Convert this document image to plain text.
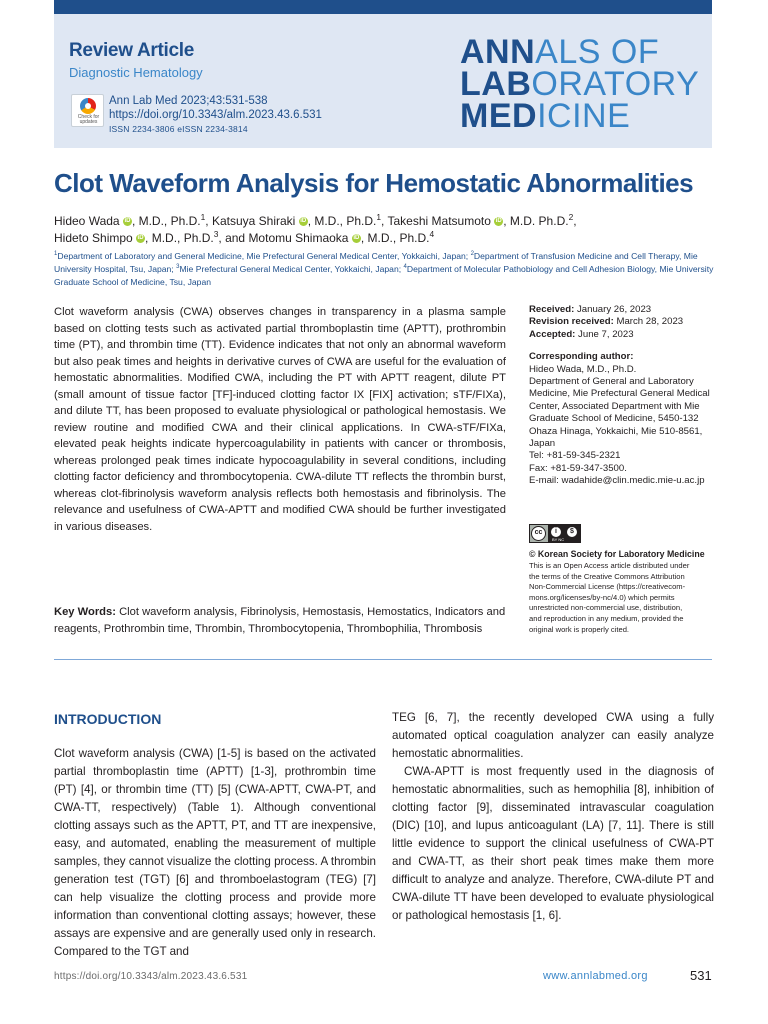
Review Article
Diagnostic Hematology
Check for updates
Ann Lab Med 2023;43:531-538
https://doi.org/10.3343/alm.2023.43.6.531
ISSN 2234-3806 eISSN 2234-3814
ANNALS OF
LABORATORY
MEDICINE
Clot Waveform Analysis for Hemostatic Abnormalities
Hideo Wada iD , M.D., Ph.D.$^1$, Katsuya Shiraki iD , M.D., Ph.D.$^1$, Takeshi Matsumoto iD , M.D. Ph.D.$^2$,
Hideto Shimpo iD , M.D., Ph.D.$^3$, and Motomu Shimaoka iD , M.D., Ph.D.$^4$
$^1$Department of Laboratory and General Medicine, Mie Prefectural General Medical Center, Yokkaichi, Japan; $^2$Department of Transfusion Medicine and Cell Therapy, Mie University Hospital, Tsu, Japan; $^3$Mie Prefectural General Medical Center, Yokkaichi, Japan; $^4$Department of Molecular Pathobiology and Cell Adhesion Biology, Mie University Graduate School of Medicine, Tsu, Japan
Clot waveform analysis (CWA) observes changes in transparency in a plasma sample based on clotting tests such as activated partial thromboplastin time (APTT), prothrombin time (PT), and thrombin time (TT). Evidence indicates that not only an abnormal waveform but also peak times and heights in derivative curves of CWA are useful for the evaluation of hemostatic abnormalities. Modified CWA, including the PT with APTT reagent, dilute PT (small amount of tissue factor [TF]-induced clotting factor IX [FIX] activation; sTF/FIXa), and dilute TT, has been proposed to evaluate physiological or pathological hemostasis. We review routine and modified CWA and their clinical applications. In CWA-sTF/FIXa, elevated peak heights indicate hypercoagulability in patients with cancer or thrombosis, whereas prolonged peak times indicate hypocoagulability in several conditions, including clotting factor deficiency and thrombocytopenia. CWA-dilute TT reflects the thrombin burst, whereas clot-fibrinolysis waveform analysis reflects both hemostasis and fibrinolysis. The relevance and usefulness of CWA-APTT and modified CWA should be further investigated in various diseases.
Key Words: Clot waveform analysis, Fibrinolysis, Hemostasis, Hemostatics, Indicators and reagents, Prothrombin time, Thrombin, Thrombocytopenia, Thrombophilia, Thrombosis
Received: January 26, 2023
Revision received: March 28, 2023
Accepted: June 7, 2023
Corresponding author:
Hideo Wada, M.D., Ph.D.
Department of General and Laboratory
Medicine, Mie Prefectural General Medical
Center, Associated Department with Mie
Graduate School of Medicine, 5450-132
Ohaza Hinaga, Yokkaichi, Mie 510-8561,
Japan
Tel: +81-59-345-2321
Fax: +81-59-347-3500.
E-mail: wadahide@clin.medic.mie-u.ac.jp
cc	i	$
BY NC
© Korean Society for Laboratory Medicine
This is an Open Access article distributed under
the terms of the Creative Commons Attribution
Non-Commercial License (https://creativecom-
mons.org/licenses/by-nc/4.0) which permits
unrestricted non-commercial use, distribution,
and reproduction in any medium, provided the
original work is properly cited.
INTRODUCTION

Clot waveform analysis (CWA) [1-5] is based on the activated partial thromboplastin time (APTT) [1-3], prothrombin time (PT) [4], or thrombin time (TT) [5] (CWA-APTT, CWA-PT, and CWA-TT, respectively) (Table 1). Although conventional clotting assays such as the APTT, PT, and TT are inexpensive, easy, and automated, enabling the measurement of multiple samples, they cannot visualize the clotting process. A thrombin generation test (TGT) [6] and thromboelastogram (TEG) [7] can help visualize the clotting process and provide more information than conventional clotting assays; however, these assays are expensive and are generally used only in research. Compared to the TGT and

TEG [6, 7], the recently developed CWA using a fully automated optical coagulation analyzer can easily analyze hemostatic abnormalities.

CWA-APTT is most frequently used in the diagnosis of hemostatic abnormalities, such as hemophilia [8], inhibition of clotting factor [9], disseminated intravascular coagulation (DIC) [10], and lupus anticoagulant (LA) [7, 11]. There is still little evidence to support the clinical usefulness of CWA-PT and CWA-TT, as their short peak times make them more difficult to analyze and analyze. Therefore, CWA-dilute PT and CWA-dilute TT have been developed to evaluate physiological or pathological hemostasis [1, 6].

https://doi.org/10.3343/alm.2023.43.6.531	www.annlabmed.org	531
